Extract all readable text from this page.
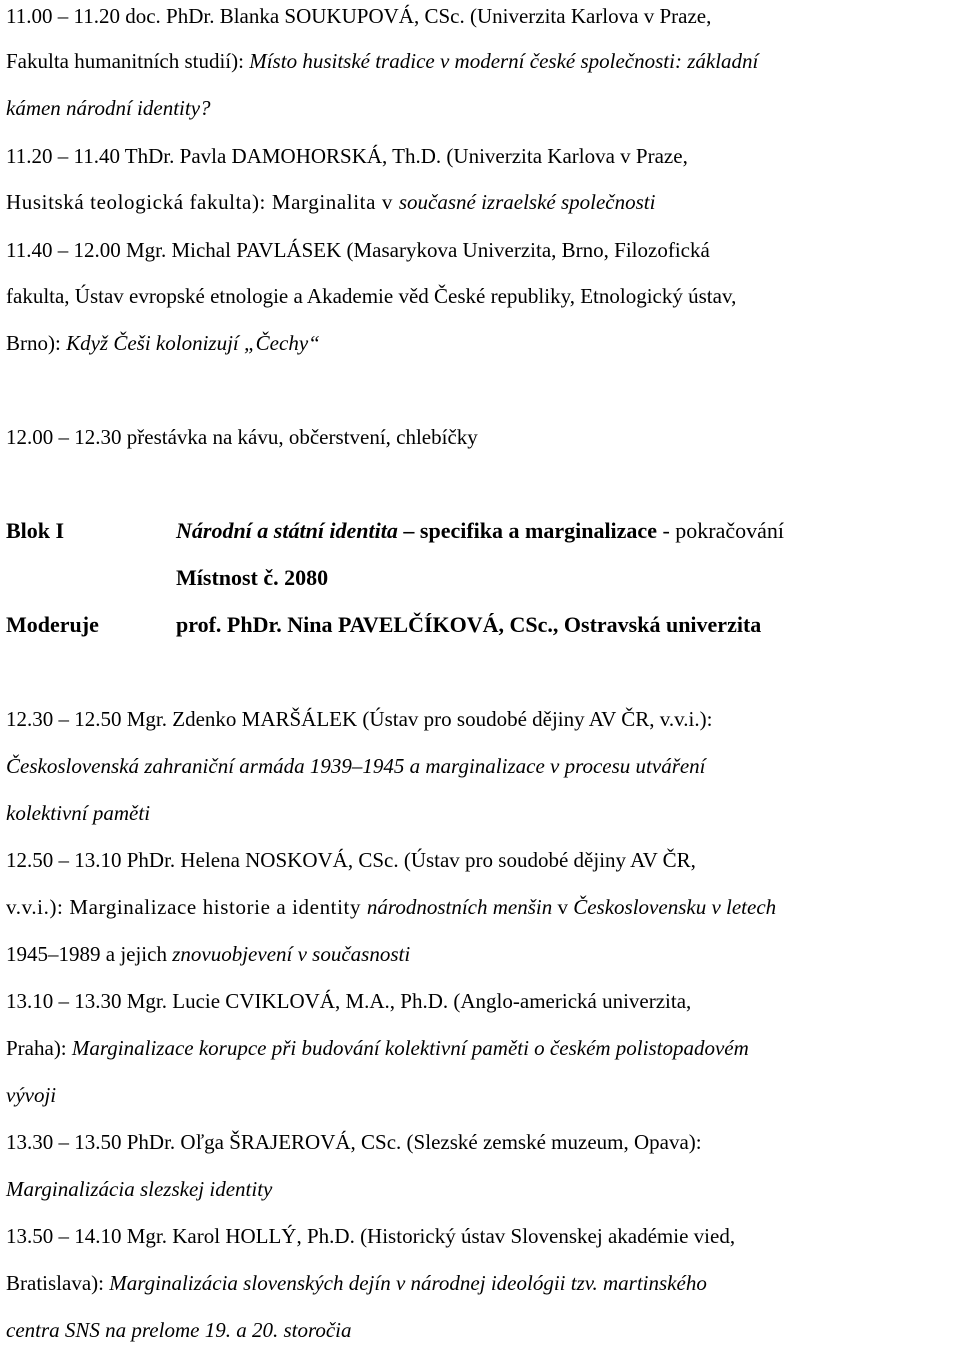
11.00 – 11.20 doc. PhDr. Blanka SOUKUPOVÁ, CSc. (Univerzita Karlova v Praze,
Fakulta humanitních studií): Místo husitské tradice v moderní české společnosti: základní
kámen národní identity?
11.20 – 11.40 ThDr. Pavla DAMOHORSKÁ, Th.D. (Univerzita Karlova v Praze,
Husitská teologická fakulta): Marginalita v současné izraelské společnosti
11.40 – 12.00 Mgr. Michal PAVLÁSEK (Masarykova Univerzita, Brno, Filozofická
fakulta, Ústav evropské etnologie a Akademie věd České republiky, Etnologický ústav,
Brno): Když Češi kolonizují „Čechy“
12.00 – 12.30 přestávka na kávu, občerstvení, chlebíčky
Blok I	Národní a státní identita – specifika a marginalizace - pokračování
Místnost č. 2080
Moderuje	prof. PhDr. Nina PAVELČÍKOVÁ, CSc., Ostravská univerzita
12.30 – 12.50 Mgr. Zdenko MARŠÁLEK (Ústav pro soudobé dějiny AV ČR, v.v.i.):
Československá zahraniční armáda 1939–1945 a marginalizace v procesu utváření
kolektivní paměti
12.50 – 13.10 PhDr. Helena NOSKOVÁ, CSc. (Ústav pro soudobé dějiny AV ČR,
v.v.i.): Marginalizace historie a identity národnostních menšin v Československu v letech
1945–1989 a jejich znovuobjevení v současnosti
13.10 – 13.30 Mgr. Lucie CVIKLOVÁ, M.A., Ph.D. (Anglo-americká univerzita,
Praha): Marginalizace korupce při budování kolektivní paměti o českém polistopadovém
vývoji
13.30 – 13.50 PhDr. Oľga ŠRAJEROVÁ, CSc. (Slezské zemské muzeum, Opava):
Marginalizácia slezskej identity
13.50 – 14.10 Mgr. Karol HOLLÝ, Ph.D. (Historický ústav Slovenskej akadémie vied,
Bratislava): Marginalizácia slovenských dejín v národnej ideológii tzv. martinského
centra SNS na prelome 19. a 20. storočia
